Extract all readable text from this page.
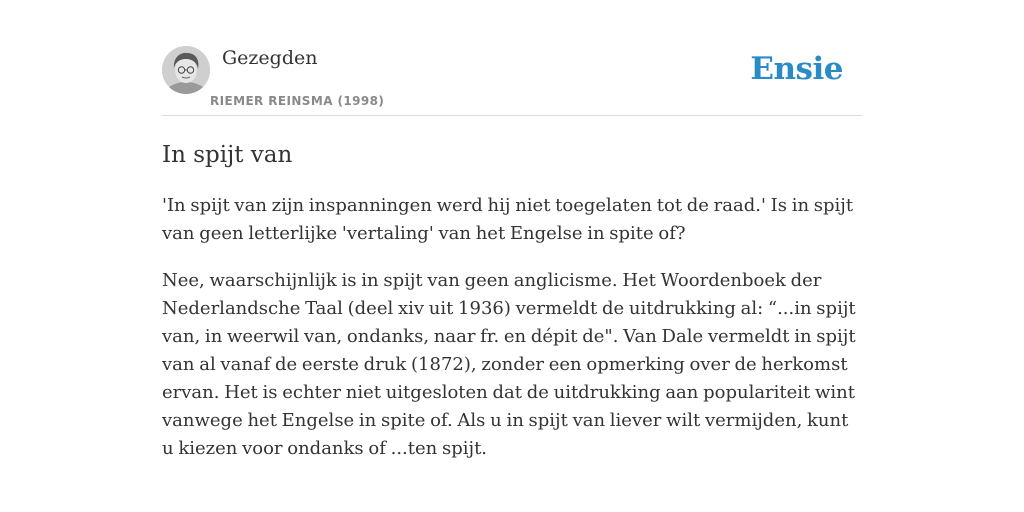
Gezegden
RIEMER REINSMA (1998)
Ensie
In spijt van

'In spijt van zijn inspanningen werd hij niet toegelaten tot de raad.' Is in spijt van geen letterlijke 'vertaling' van het Engelse in spite of?

Nee, waarschijnlijk is in spijt van geen anglicisme. Het Woordenboek der Nederlandsche Taal (deel xiv uit 1936) vermeldt de uitdrukking al: “...in spijt van, in weerwil van, ondanks, naar fr. en dépit de". Van Dale vermeldt in spijt van al vanaf de eerste druk (1872), zonder een opmerking over de herkomst ervan. Het is echter niet uitgesloten dat de uitdrukking aan populariteit wint vanwege het Engelse in spite of. Als u in spijt van liever wilt vermijden, kunt u kiezen voor ondanks of ...ten spijt.
